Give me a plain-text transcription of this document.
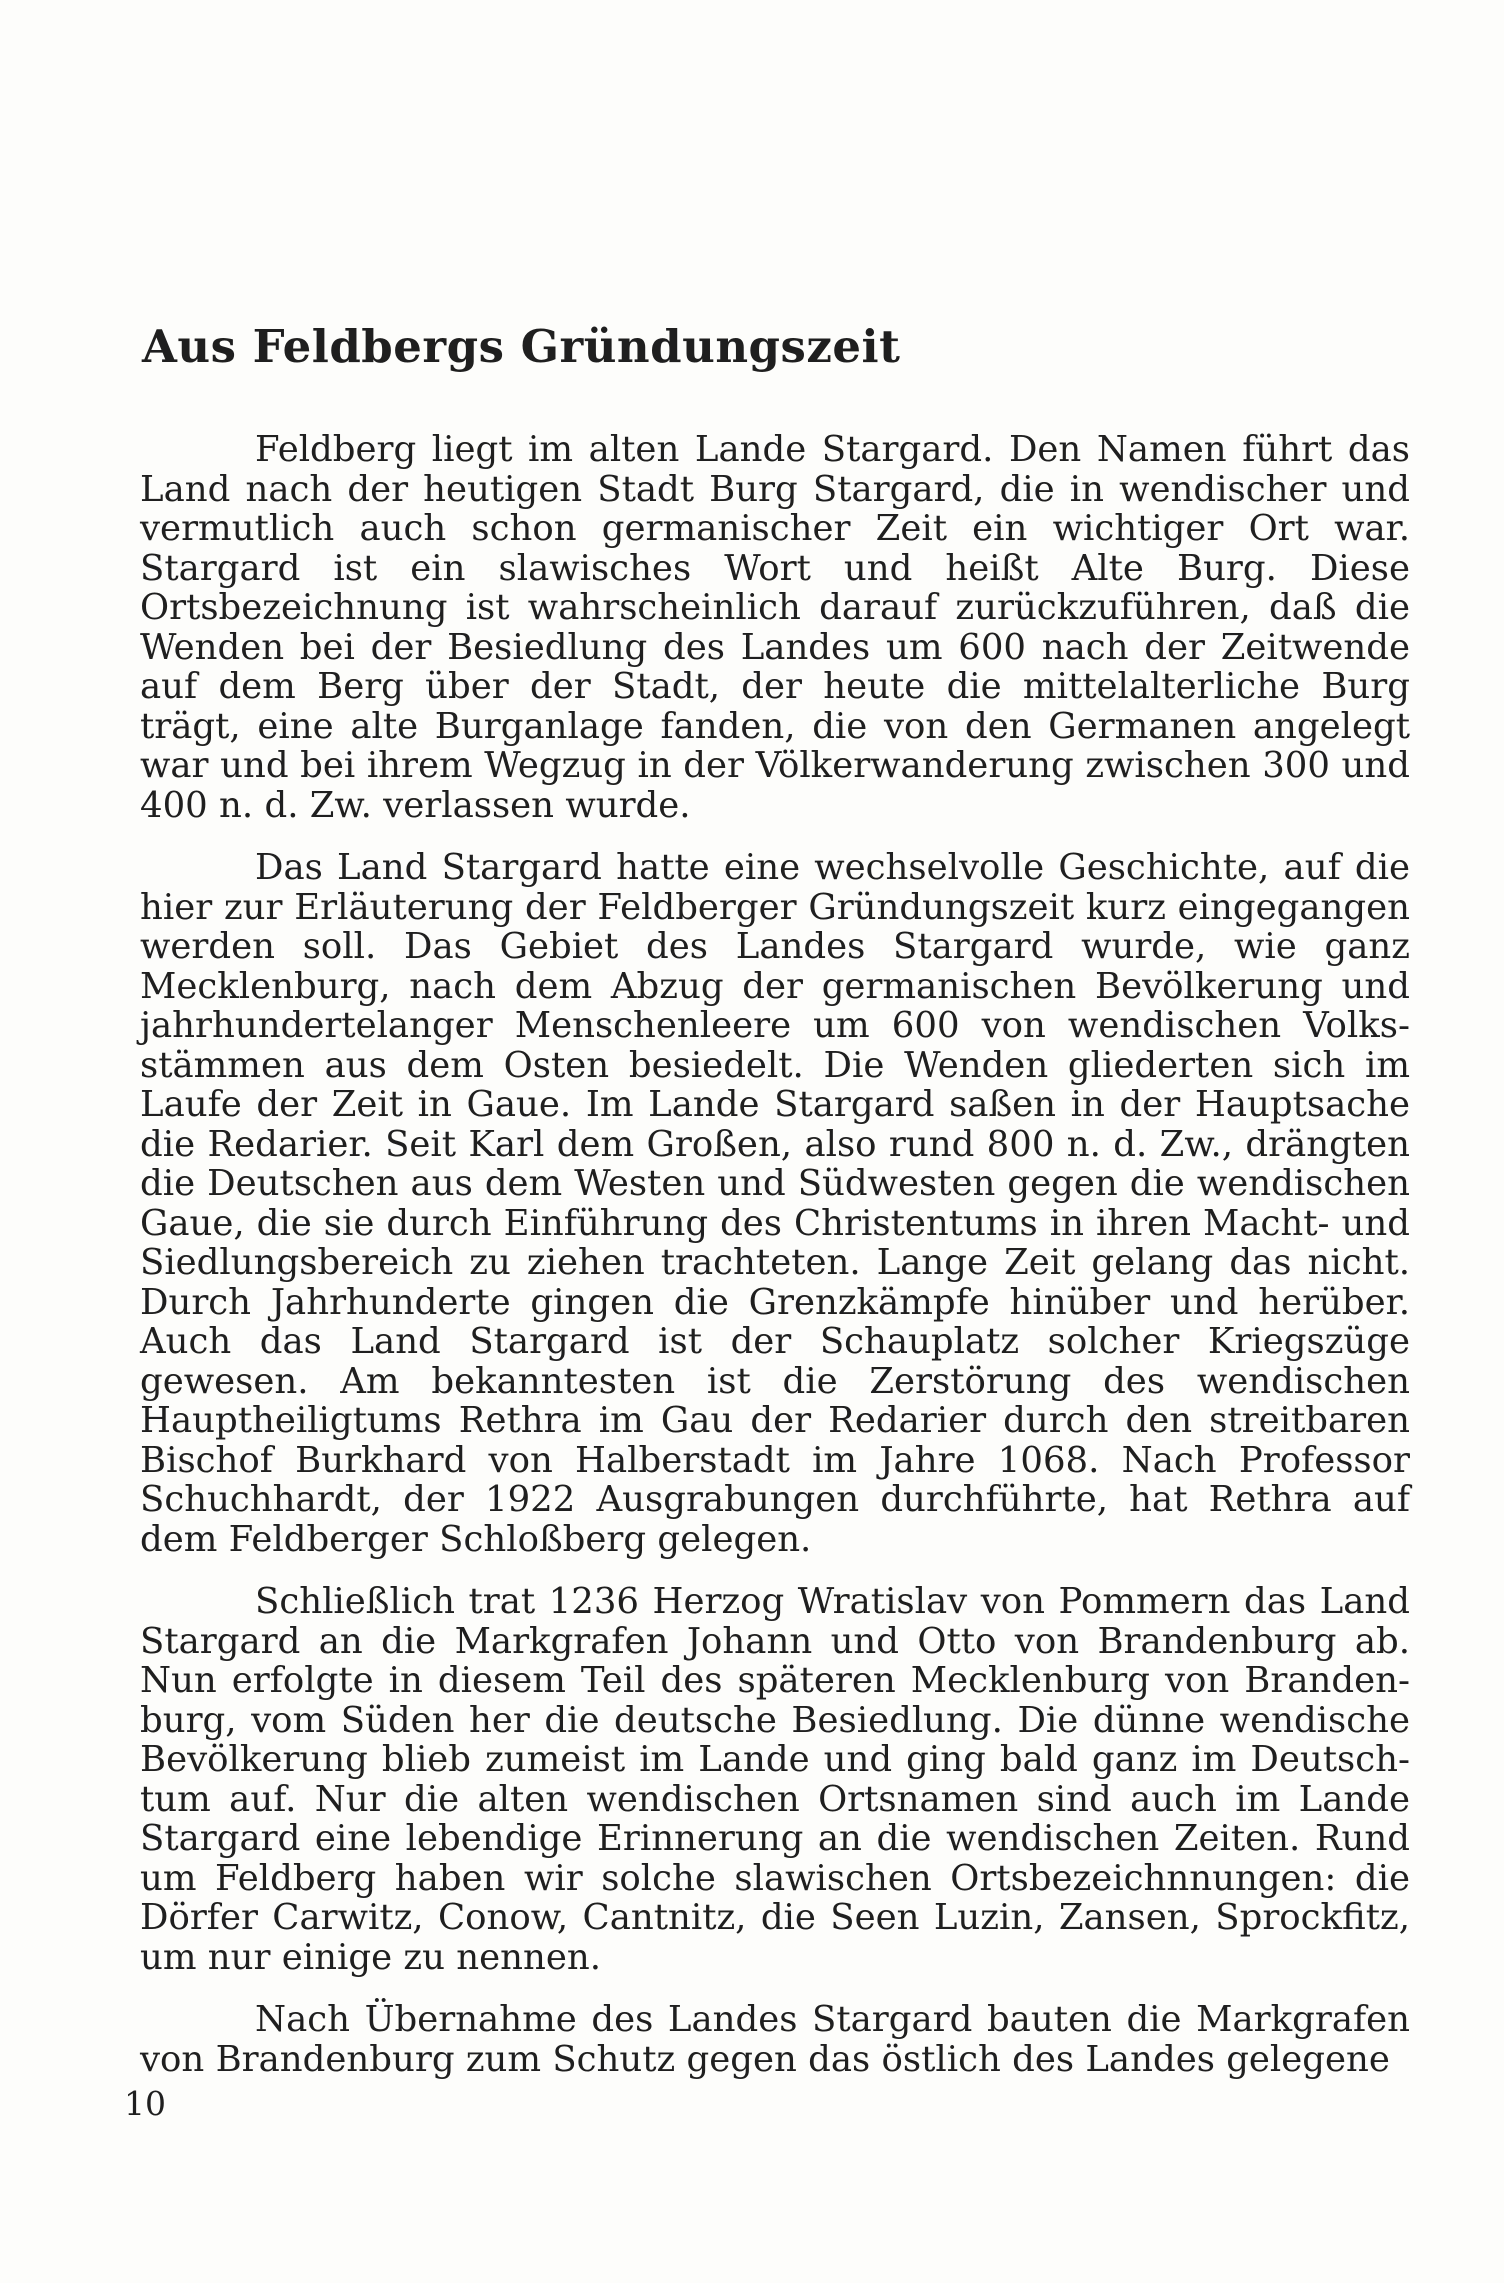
Aus Feldbergs Gründungszeit

Feldberg liegt im alten Lande Stargard. Den Namen führt das Land nach der heutigen Stadt Burg Stargard, die in wendischer und vermutlich auch schon germanischer Zeit ein wichtiger Ort war. Stargard ist ein slawisches Wort und heißt Alte Burg. Diese Ortsbezeichnung ist wahrscheinlich darauf zurückzuführen, daß die Wenden bei der Besiedlung des Landes um 600 nach der Zeitwende auf dem Berg über der Stadt, der heute die mittelalterliche Burg trägt, eine alte Burganlage fanden, die von den Germanen angelegt war und bei ihrem Wegzug in der Völkerwanderung zwischen 300 und 400 n. d. Zw. verlassen wurde.

Das Land Stargard hatte eine wechselvolle Geschichte, auf die hier zur Erläuterung der Feldberger Gründungszeit kurz eingegangen werden soll. Das Gebiet des Landes Stargard wurde, wie ganz Mecklenburg, nach dem Abzug der germanischen Bevölkerung und jahrhundertelanger Menschenleere um 600 von wendischen Volksstämmen aus dem Osten besiedelt. Die Wenden gliederten sich im Laufe der Zeit in Gaue. Im Lande Stargard saßen in der Hauptsache die Redarier. Seit Karl dem Großen, also rund 800 n. d. Zw., drängten die Deutschen aus dem Westen und Südwesten gegen die wendischen Gaue, die sie durch Einführung des Christentums in ihren Macht- und Siedlungsbereich zu ziehen trachteten. Lange Zeit gelang das nicht. Durch Jahrhunderte gingen die Grenzkämpfe hinüber und herüber. Auch das Land Stargard ist der Schauplatz solcher Kriegszüge gewesen. Am bekanntesten ist die Zerstörung des wendischen Hauptheiligtums Rethra im Gau der Redarier durch den streitbaren Bischof Burkhard von Halberstadt im Jahre 1068. Nach Professor Schuchhardt, der 1922 Ausgrabungen durchführte, hat Rethra auf dem Feldberger Schloßberg gelegen.

Schließlich trat 1236 Herzog Wratislav von Pommern das Land Stargard an die Markgrafen Johann und Otto von Brandenburg ab. Nun erfolgte in diesem Teil des späteren Mecklenburg von Brandenburg, vom Süden her die deutsche Besiedlung. Die dünne wendische Bevölkerung blieb zumeist im Lande und ging bald ganz im Deutschtum auf. Nur die alten wendischen Ortsnamen sind auch im Lande Stargard eine lebendige Erinnerung an die wendischen Zeiten. Rund um Feldberg haben wir solche slawischen Ortsbezeichnnungen: die Dörfer Carwitz, Conow, Cantnitz, die Seen Luzin, Zansen, Sprockfitz, um nur einige zu nennen.

Nach Übernahme des Landes Stargard bauten die Markgrafen von Brandenburg zum Schutz gegen das östlich des Landes gelegene

10
